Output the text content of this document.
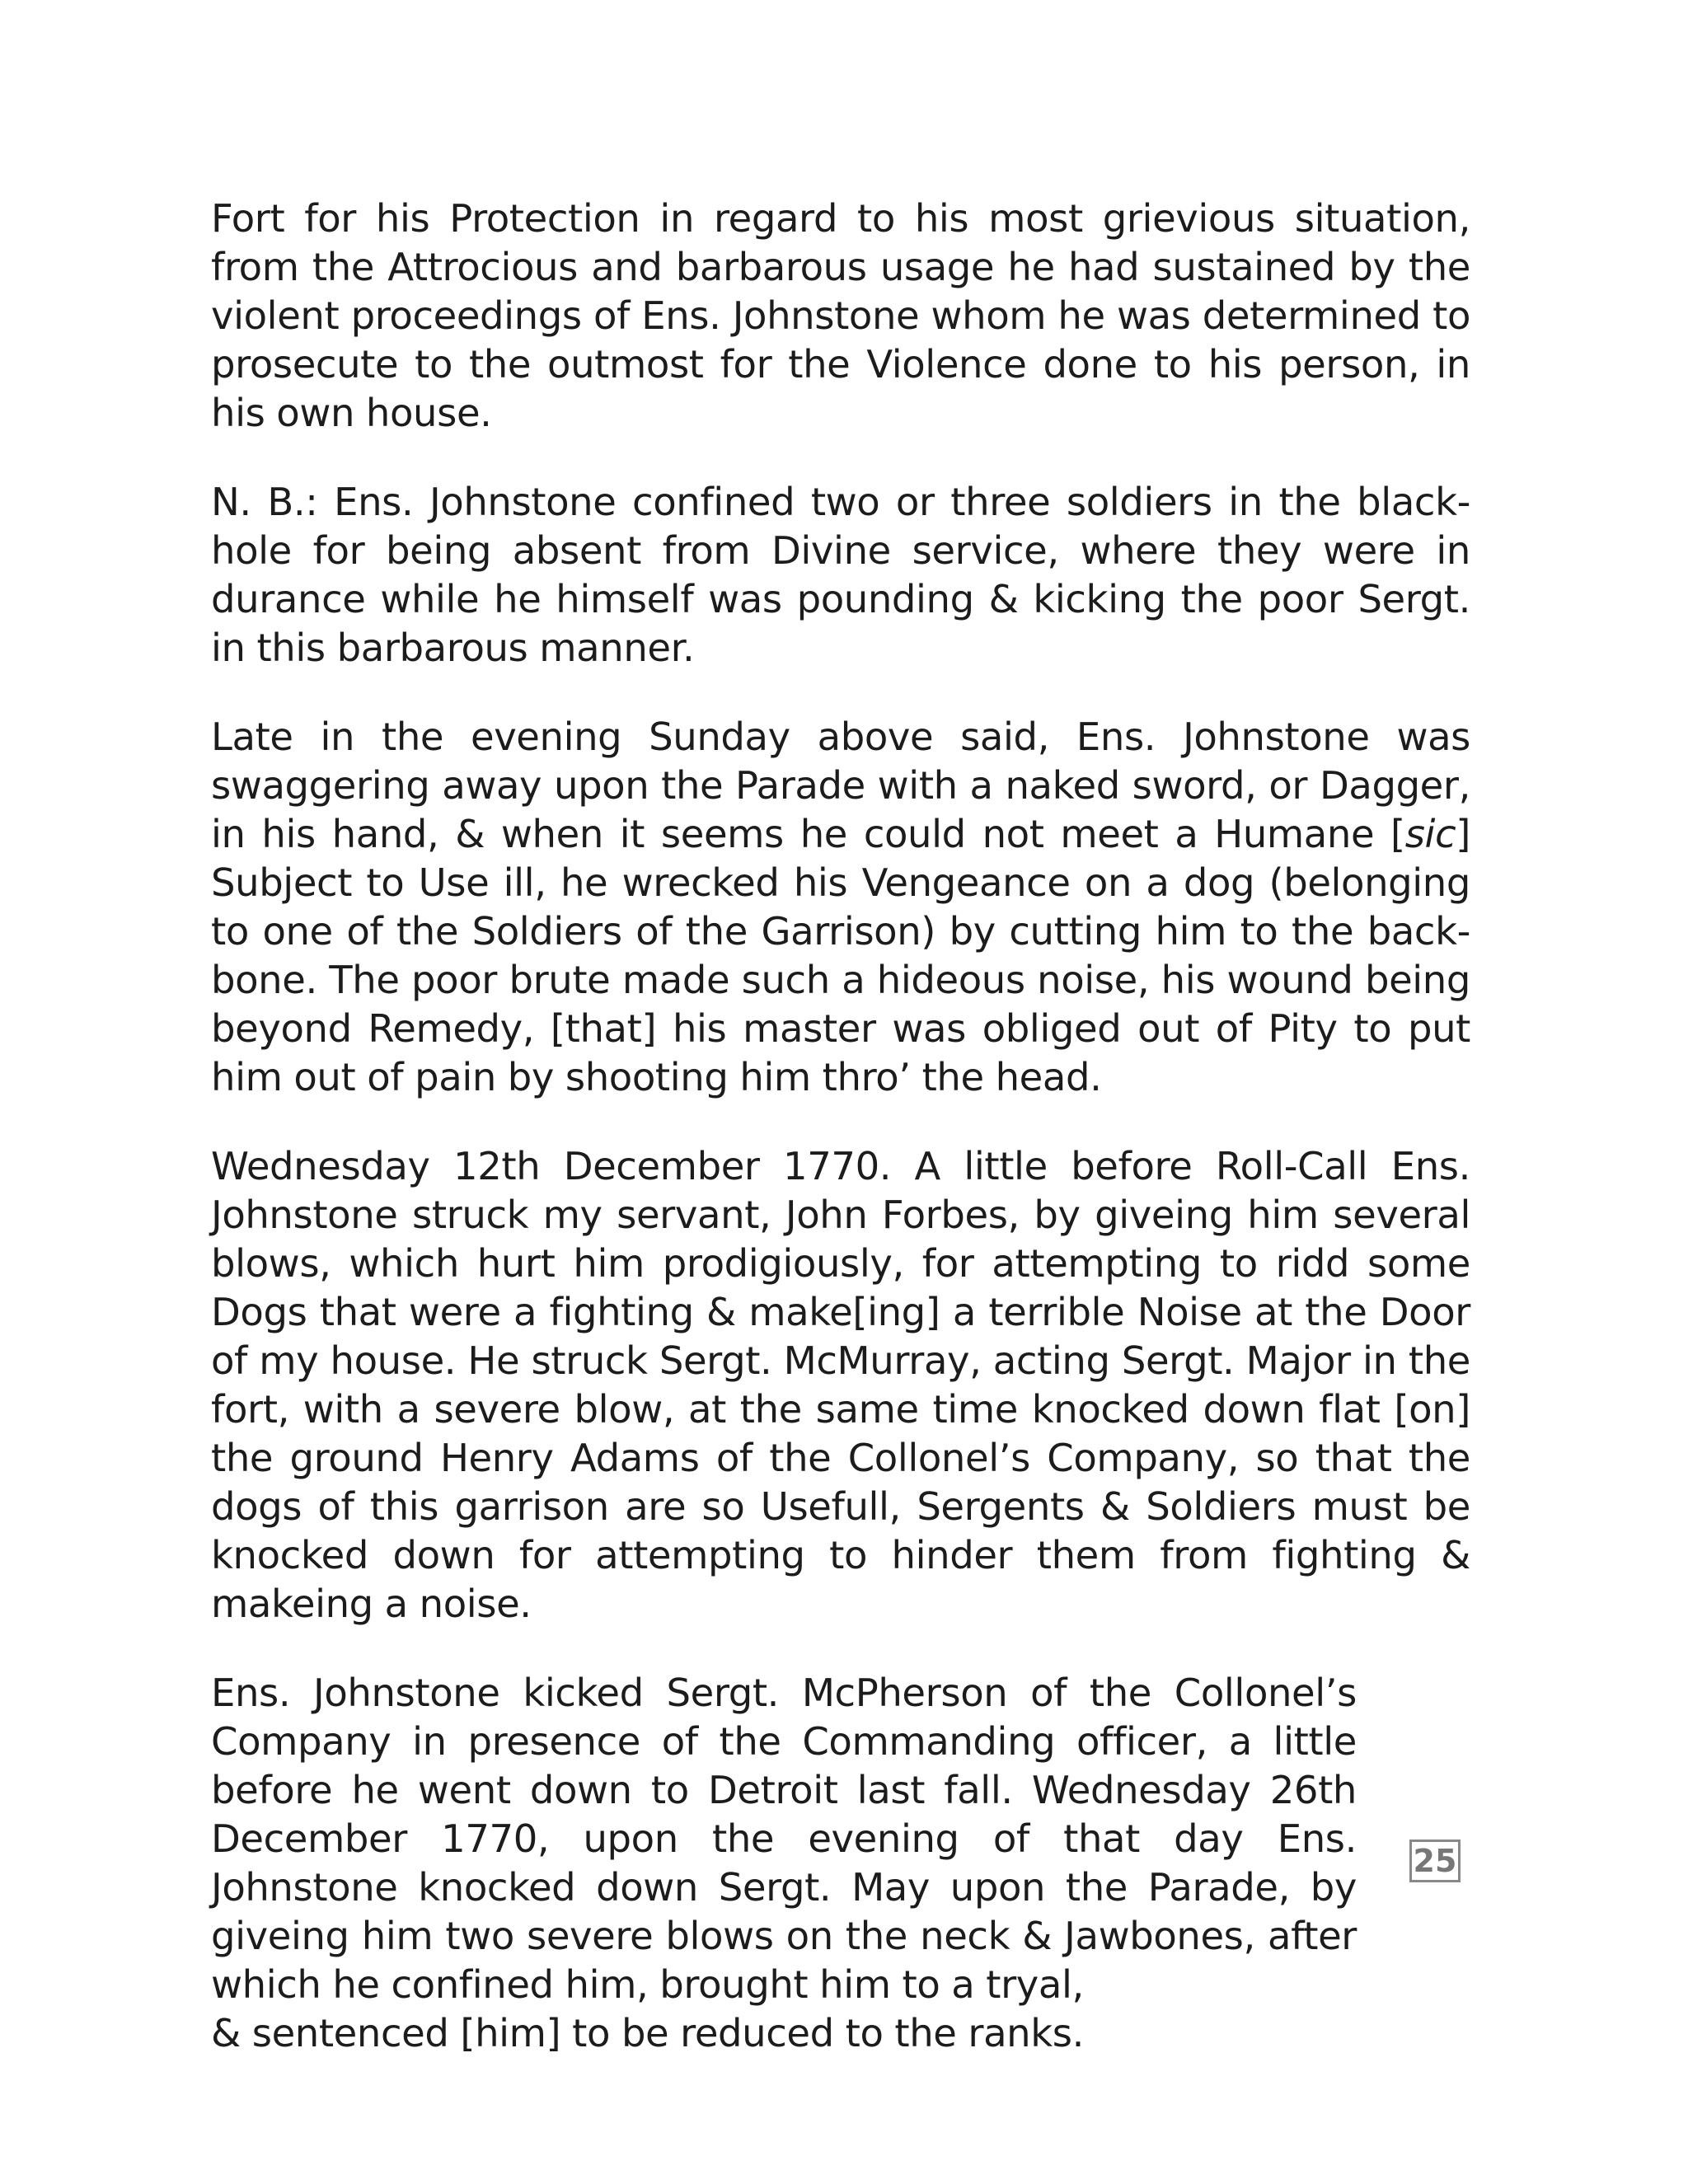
Fort for his Protection in regard to his most grievious situation, from the Attrocious and barbarous usage he had sustained by the violent proceedings of Ens. Johnstone whom he was determined to prosecute to the outmost for the Violence done to his person, in his own house.

N. B.: Ens. Johnstone confined two or three soldiers in the black-hole for being absent from Divine service, where they were in durance while he himself was pounding & kicking the poor Sergt. in this barbarous manner.

Late in the evening Sunday above said, Ens. Johnstone was swaggering away upon the Parade with a naked sword, or Dagger, in his hand, & when it seems he could not meet a Humane [sic] Subject to Use ill, he wrecked his Vengeance on a dog (belonging to one of the Soldiers of the Garrison) by cutting him to the back-bone. The poor brute made such a hideous noise, his wound being beyond Remedy, [that] his master was obliged out of Pity to put him out of pain by shooting him thro’ the head.

Wednesday 12th December 1770. A little before Roll-Call Ens. Johnstone struck my servant, John Forbes, by giveing him several blows, which hurt him prodigiously, for attempting to ridd some Dogs that were a fighting & make[ing] a terrible Noise at the Door of my house. He struck Sergt. McMurray, acting Sergt. Major in the fort, with a severe blow, at the same time knocked down flat [on] the ground Henry Adams of the Collonel’s Company, so that the dogs of this garrison are so Usefull, Sergents & Soldiers must be knocked down for attempting to hinder them from fighting & makeing a noise.

Ens. Johnstone kicked Sergt. McPherson of the Collonel’s Company in presence of the Commanding officer, a little before he went down to Detroit last fall. Wednesday 26th December 1770, upon the evening of that day Ens. Johnstone knocked down Sergt. May upon the Parade, by giveing him two severe blows on the neck & Jawbones, after which he confined him, brought him to a tryal,
& sentenced [him] to be reduced to the ranks.

25
